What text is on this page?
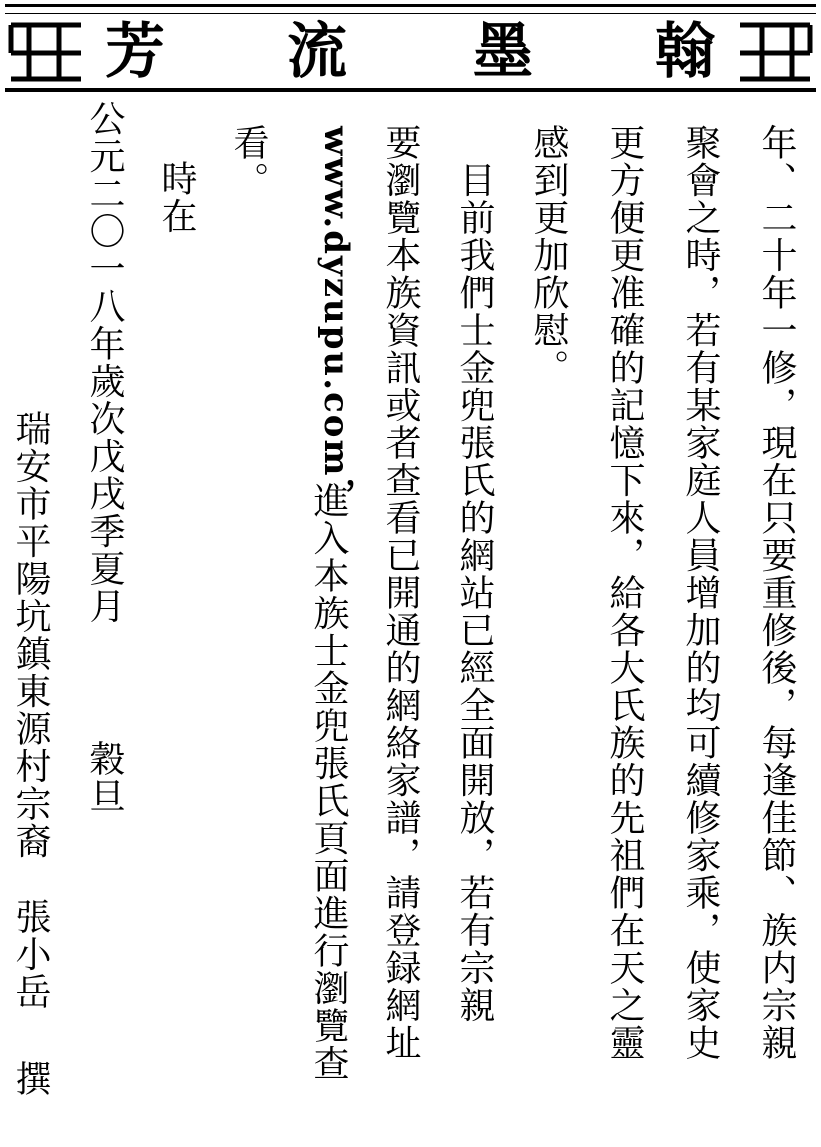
翰
墨
流
芳
年、二十年一修，現在只要重修後，每逢佳節、族内宗親
聚會之時，若有某家庭人員增加的均可續修家乘，使家史
更方便更准確的記憶下來，給各大氏族的先祖們在天之靈
感到更加欣慰。
　目前我們士金兜張氏的網站已經全面開放，若有宗親
要瀏覽本族資訊或者查看已開通的網絡家譜，請登録網址
www.dyzupu.com，
進入本族士金兜張氏頁面進行瀏覽查
看。
時在
公元二〇一八年歲次戊戌季夏月
穀旦
瑞安市平陽坑鎮東源村宗裔
張小岳
撰
